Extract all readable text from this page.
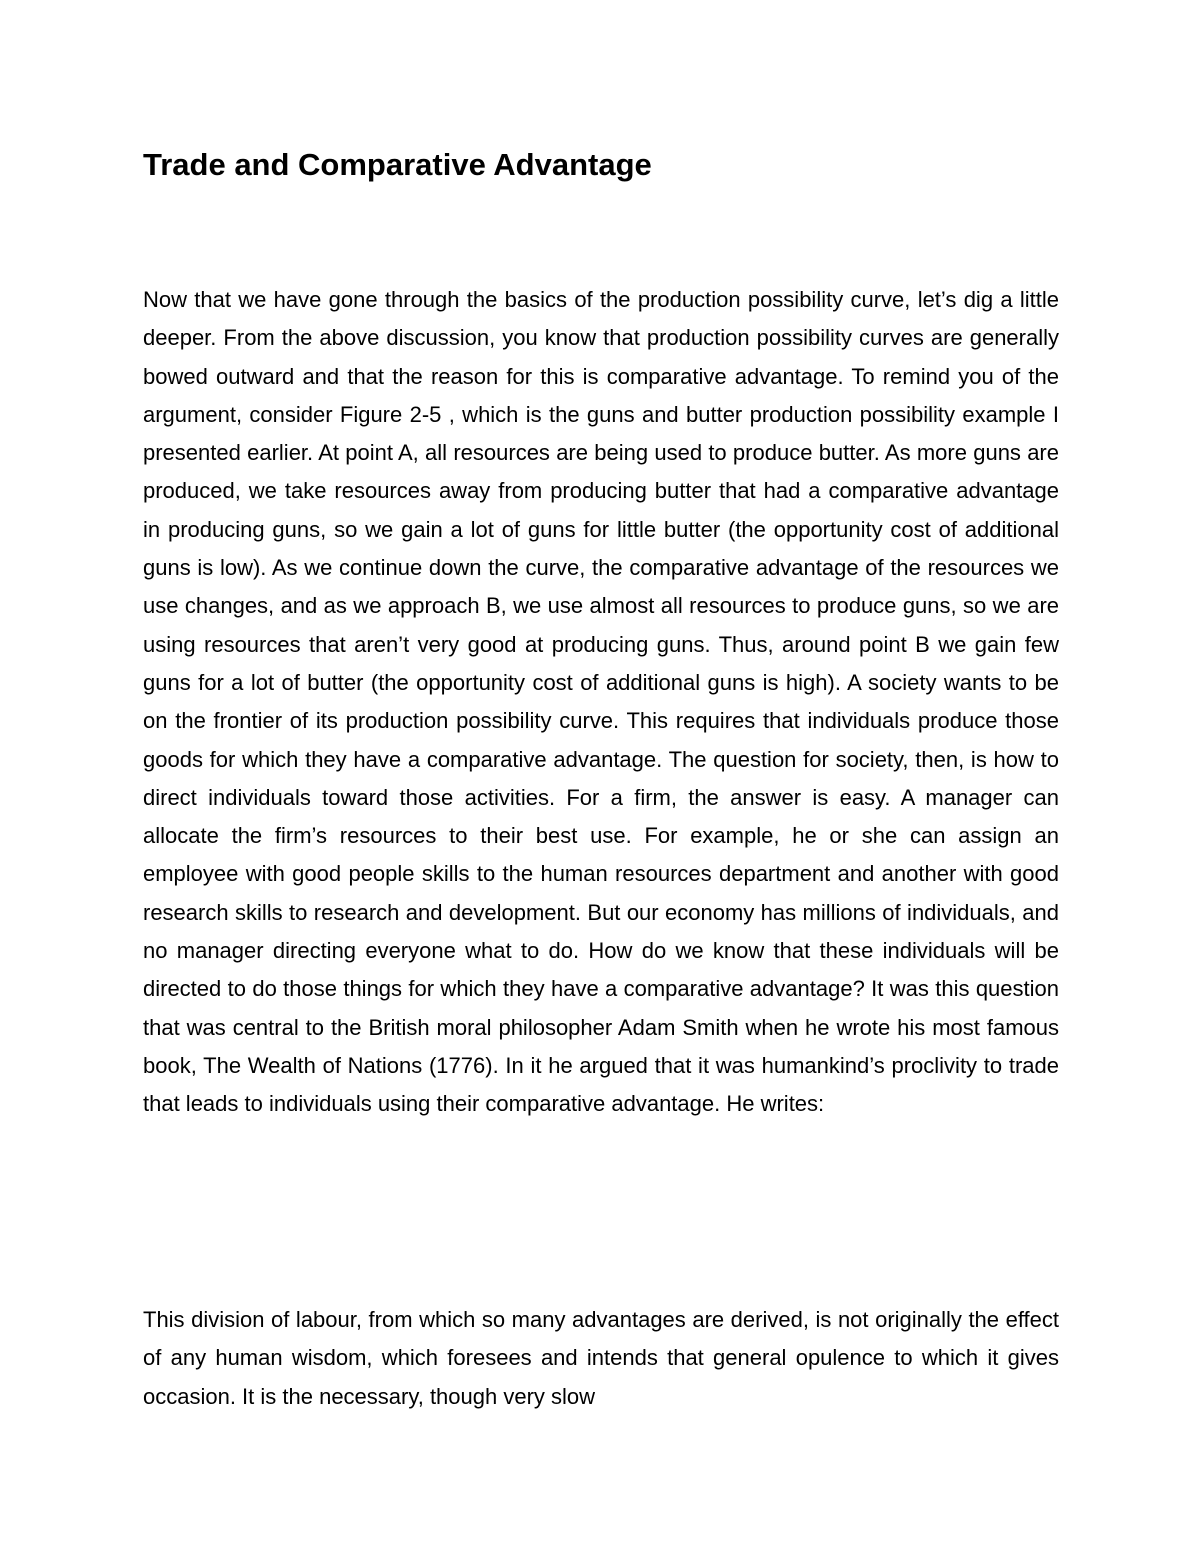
Trade and Comparative Advantage

Now that we have gone through the basics of the production possibility curve, let’s dig a little deeper. From the above discussion, you know that production possibility curves are generally bowed outward and that the reason for this is comparative advantage. To remind you of the argument, consider Figure 2-5 , which is the guns and butter production possibility example I presented earlier. At point A, all resources are being used to produce butter. As more guns are produced, we take resources away from producing butter that had a comparative advantage in producing guns, so we gain a lot of guns for little butter (the opportunity cost of additional guns is low). As we continue down the curve, the comparative advantage of the resources we use changes, and as we approach B, we use almost all resources to produce guns, so we are using resources that aren’t very good at producing guns. Thus, around point B we gain few guns for a lot of butter (the opportunity cost of additional guns is high). A society wants to be on the frontier of its production possibility curve. This requires that individuals produce those goods for which they have a comparative advantage. The question for society, then, is how to direct individuals toward those activities. For a firm, the answer is easy. A manager can allocate the firm’s resources to their best use. For example, he or she can assign an employee with good people skills to the human resources department and another with good research skills to research and development. But our economy has millions of individuals, and no manager directing everyone what to do. How do we know that these individuals will be directed to do those things for which they have a comparative advantage? It was this question that was central to the British moral philosopher Adam Smith when he wrote his most famous book, The Wealth of Nations (1776). In it he argued that it was humankind’s proclivity to trade that leads to individuals using their comparative advantage. He writes:

This division of labour, from which so many advantages are derived, is not originally the effect of any human wisdom, which foresees and intends that general opulence to which it gives occasion. It is the necessary, though very slow
